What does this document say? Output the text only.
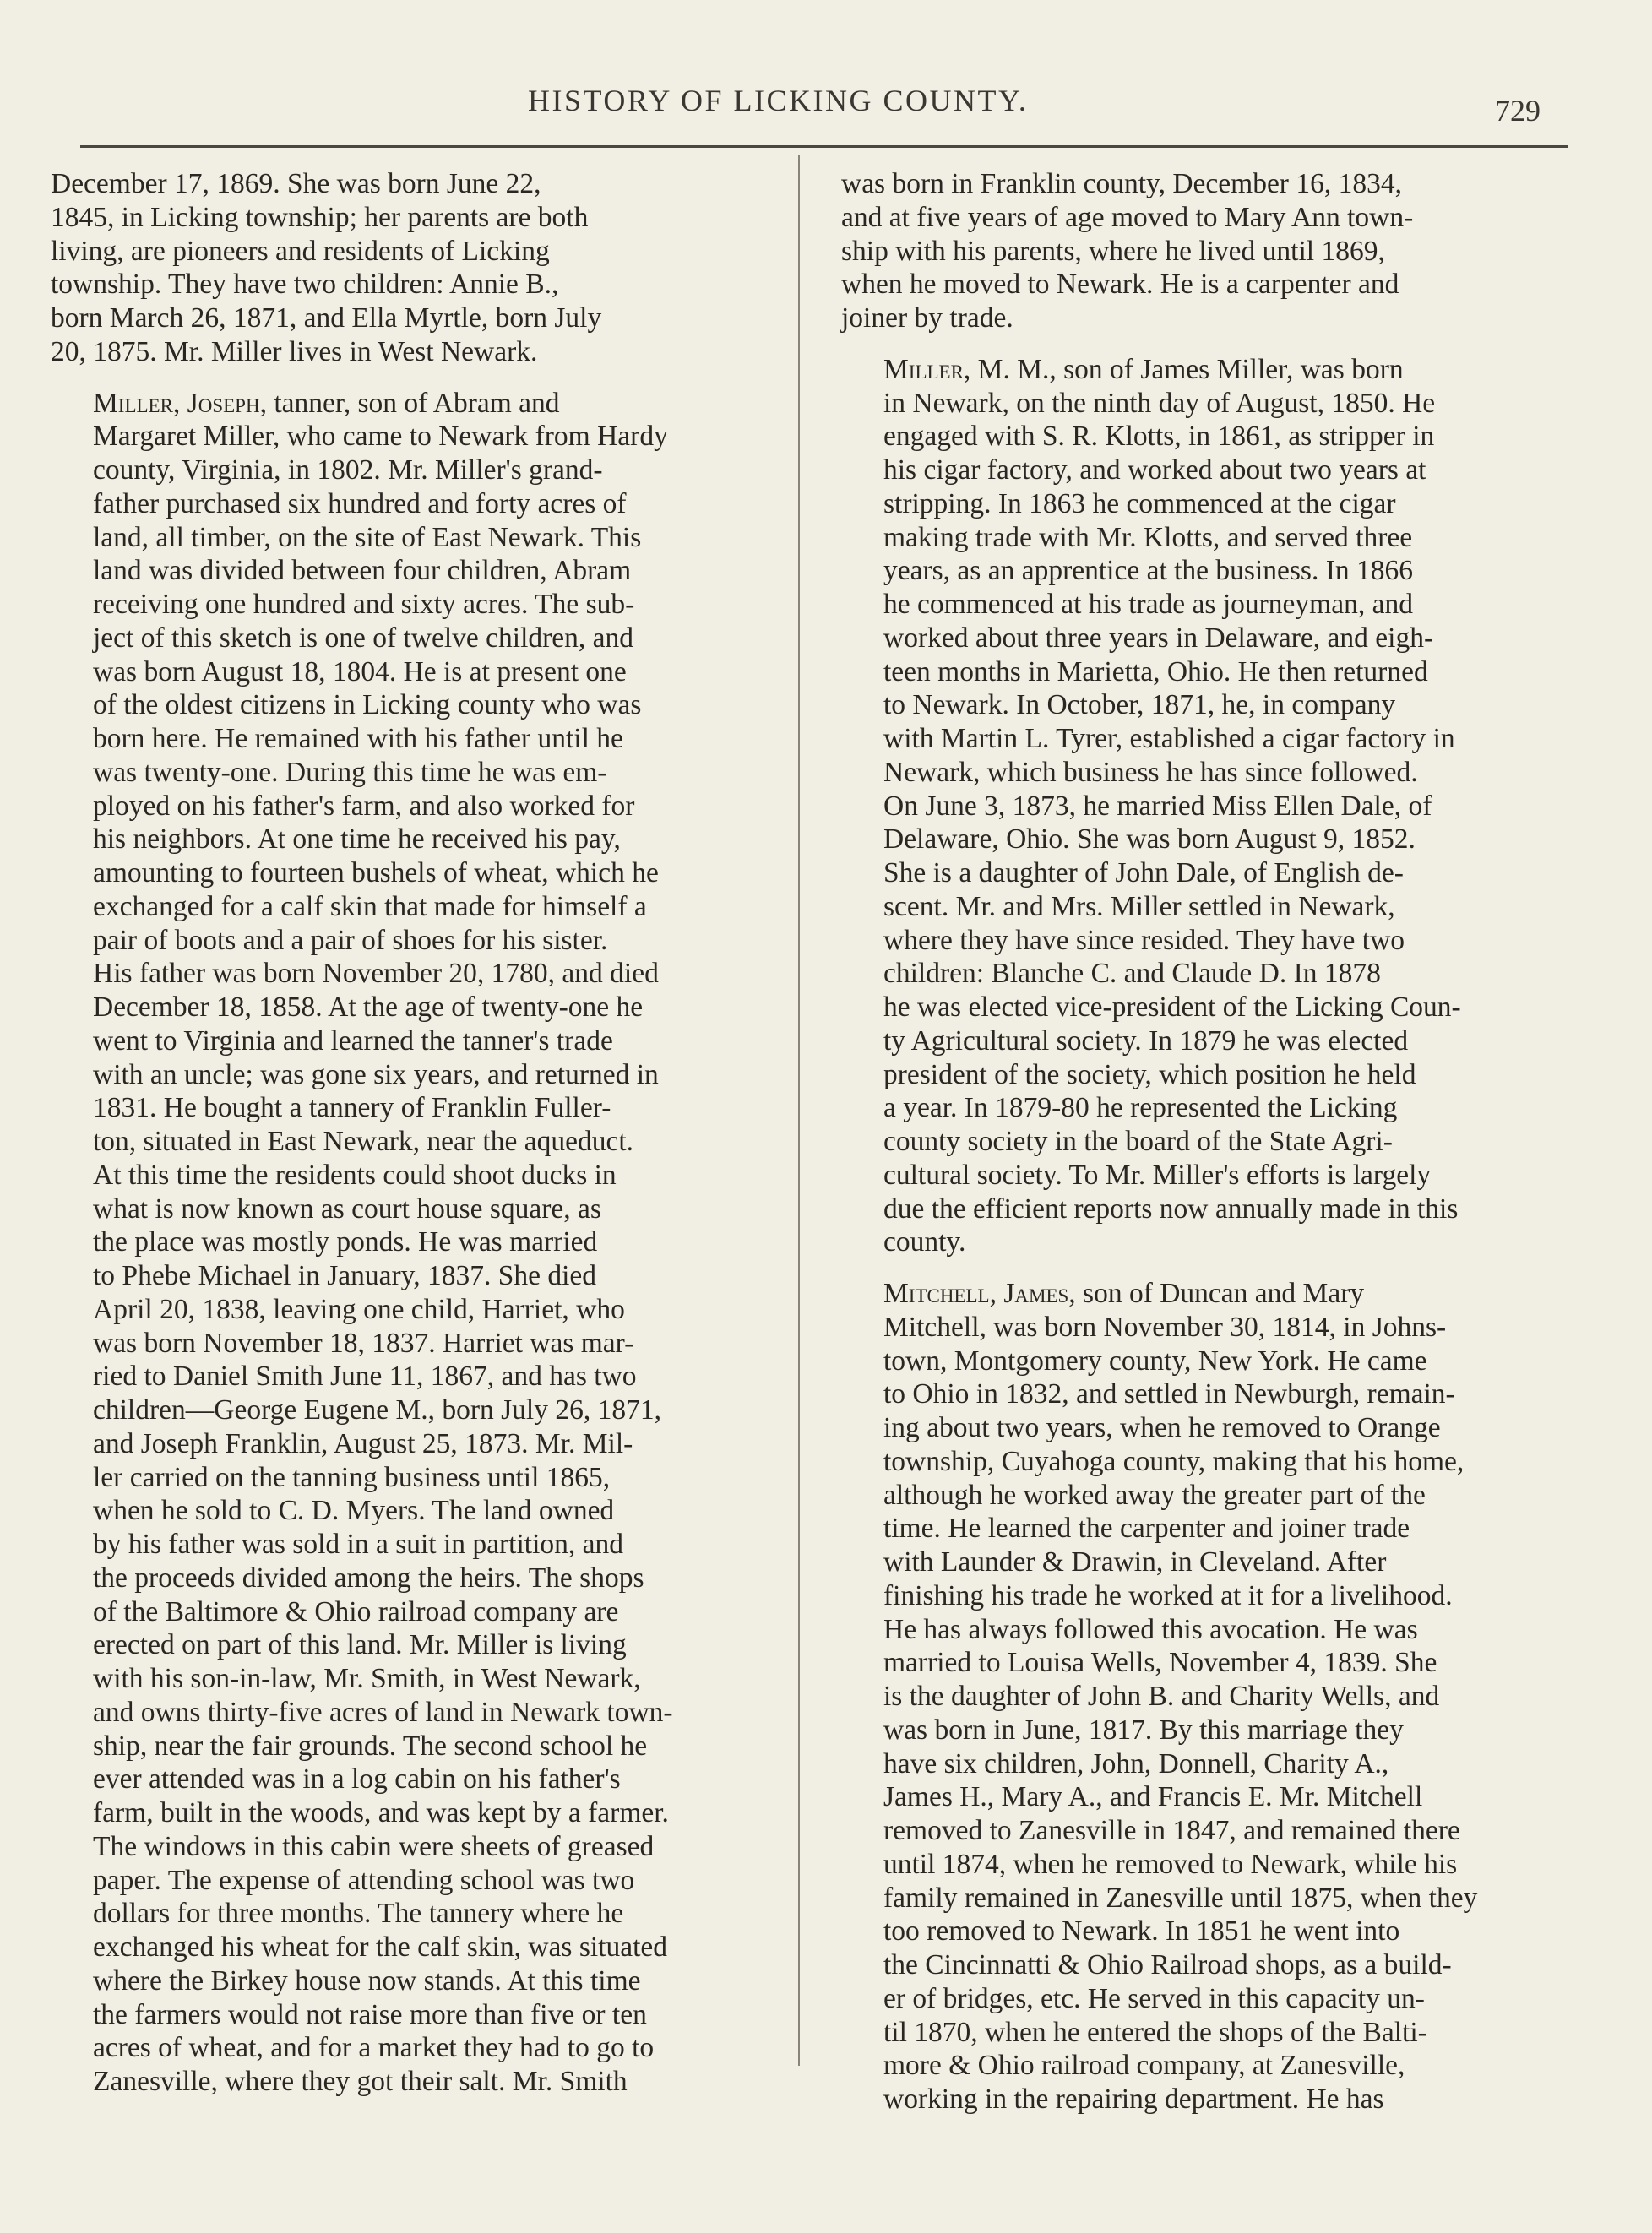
HISTORY OF LICKING COUNTY.	729
December 17, 1869. She was born June 22,
1845, in Licking township; her parents are both
living, are pioneers and residents of Licking
township. They have two children: Annie B.,
born March 26, 1871, and Ella Myrtle, born July
20, 1875. Mr. Miller lives in West Newark.
Miller, Joseph, tanner, son of Abram and
Margaret Miller, who came to Newark from Hardy
county, Virginia, in 1802. Mr. Miller's grand-
father purchased six hundred and forty acres of
land, all timber, on the site of East Newark. This
land was divided between four children, Abram
receiving one hundred and sixty acres. The sub-
ject of this sketch is one of twelve children, and
was born August 18, 1804. He is at present one
of the oldest citizens in Licking county who was
born here. He remained with his father until he
was twenty-one. During this time he was em-
ployed on his father's farm, and also worked for
his neighbors. At one time he received his pay,
amounting to fourteen bushels of wheat, which he
exchanged for a calf skin that made for himself a
pair of boots and a pair of shoes for his sister.
His father was born November 20, 1780, and died
December 18, 1858. At the age of twenty-one he
went to Virginia and learned the tanner's trade
with an uncle; was gone six years, and returned in
1831. He bought a tannery of Franklin Fuller-
ton, situated in East Newark, near the aqueduct.
At this time the residents could shoot ducks in
what is now known as court house square, as
the place was mostly ponds. He was married
to Phebe Michael in January, 1837. She died
April 20, 1838, leaving one child, Harriet, who
was born November 18, 1837. Harriet was mar-
ried to Daniel Smith June 11, 1867, and has two
children—George Eugene M., born July 26, 1871,
and Joseph Franklin, August 25, 1873. Mr. Mil-
ler carried on the tanning business until 1865,
when he sold to C. D. Myers. The land owned
by his father was sold in a suit in partition, and
the proceeds divided among the heirs. The shops
of the Baltimore & Ohio railroad company are
erected on part of this land. Mr. Miller is living
with his son-in-law, Mr. Smith, in West Newark,
and owns thirty-five acres of land in Newark town-
ship, near the fair grounds. The second school he
ever attended was in a log cabin on his father's
farm, built in the woods, and was kept by a farmer.
The windows in this cabin were sheets of greased
paper. The expense of attending school was two
dollars for three months. The tannery where he
exchanged his wheat for the calf skin, was situated
where the Birkey house now stands. At this time
the farmers would not raise more than five or ten
acres of wheat, and for a market they had to go to
Zanesville, where they got their salt. Mr. Smith
was born in Franklin county, December 16, 1834,
and at five years of age moved to Mary Ann town-
ship with his parents, where he lived until 1869,
when he moved to Newark. He is a carpenter and
joiner by trade.
Miller, M. M., son of James Miller, was born
in Newark, on the ninth day of August, 1850. He
engaged with S. R. Klotts, in 1861, as stripper in
his cigar factory, and worked about two years at
stripping. In 1863 he commenced at the cigar
making trade with Mr. Klotts, and served three
years, as an apprentice at the business. In 1866
he commenced at his trade as journeyman, and
worked about three years in Delaware, and eigh-
teen months in Marietta, Ohio. He then returned
to Newark. In October, 1871, he, in company
with Martin L. Tyrer, established a cigar factory in
Newark, which business he has since followed.
On June 3, 1873, he married Miss Ellen Dale, of
Delaware, Ohio. She was born August 9, 1852.
She is a daughter of John Dale, of English de-
scent. Mr. and Mrs. Miller settled in Newark,
where they have since resided. They have two
children: Blanche C. and Claude D. In 1878
he was elected vice-president of the Licking Coun-
ty Agricultural society. In 1879 he was elected
president of the society, which position he held
a year. In 1879-80 he represented the Licking
county society in the board of the State Agri-
cultural society. To Mr. Miller's efforts is largely
due the efficient reports now annually made in this
county.
Mitchell, James, son of Duncan and Mary
Mitchell, was born November 30, 1814, in Johns-
town, Montgomery county, New York. He came
to Ohio in 1832, and settled in Newburgh, remain-
ing about two years, when he removed to Orange
township, Cuyahoga county, making that his home,
although he worked away the greater part of the
time. He learned the carpenter and joiner trade
with Launder & Drawin, in Cleveland. After
finishing his trade he worked at it for a livelihood.
He has always followed this avocation. He was
married to Louisa Wells, November 4, 1839. She
is the daughter of John B. and Charity Wells, and
was born in June, 1817. By this marriage they
have six children, John, Donnell, Charity A.,
James H., Mary A., and Francis E. Mr. Mitchell
removed to Zanesville in 1847, and remained there
until 1874, when he removed to Newark, while his
family remained in Zanesville until 1875, when they
too removed to Newark. In 1851 he went into
the Cincinnatti & Ohio Railroad shops, as a build-
er of bridges, etc. He served in this capacity un-
til 1870, when he entered the shops of the Balti-
more & Ohio railroad company, at Zanesville,
working in the repairing department. He has
